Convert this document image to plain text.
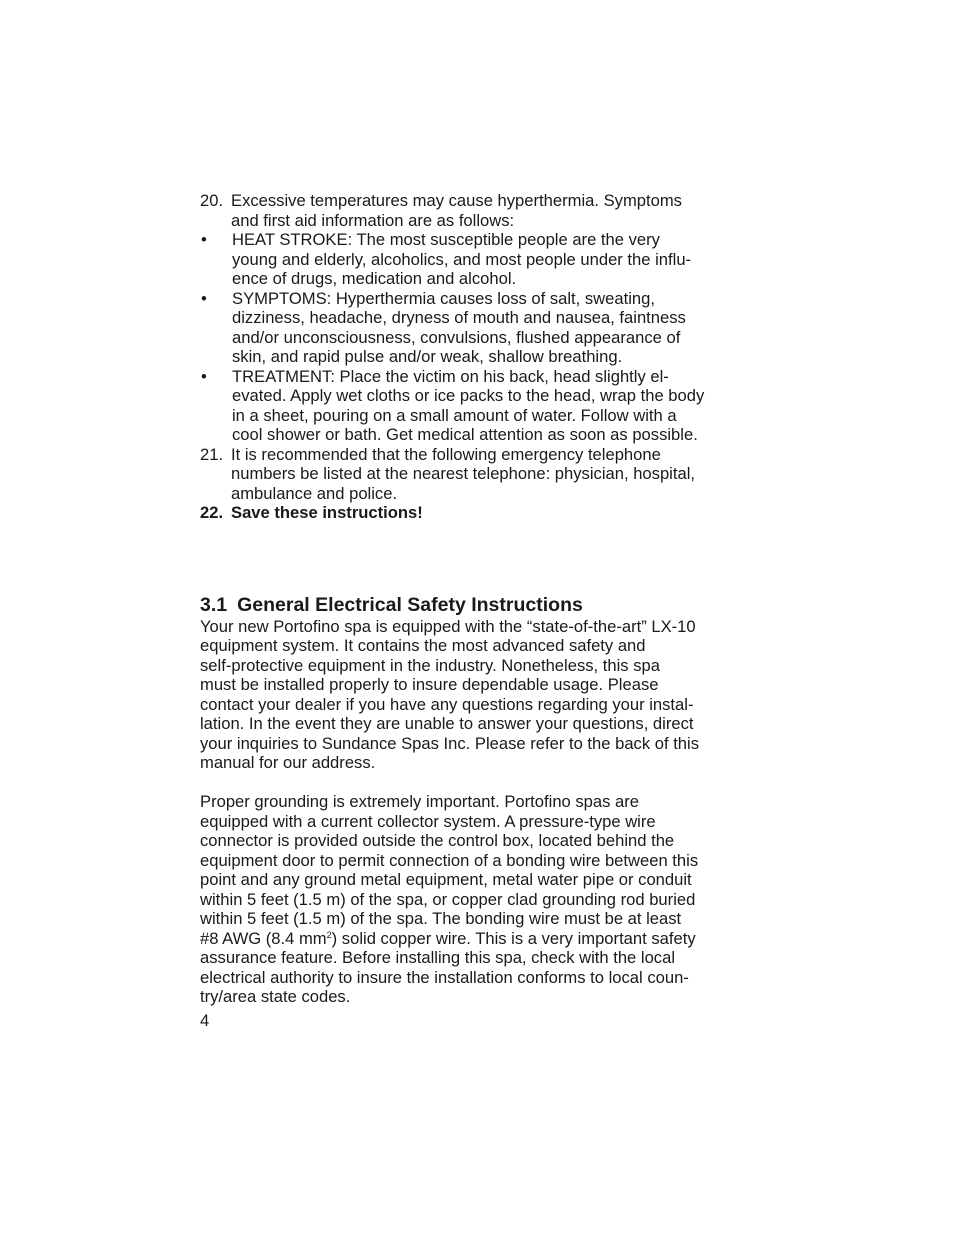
20. Excessive temperatures may cause hyperthermia. Symptoms
and first aid information are as follows:
•	HEAT STROKE: The most susceptible people are the very
young and elderly, alcoholics, and most people under the influ-
ence of drugs, medication and alcohol.
•	SYMPTOMS: Hyperthermia causes loss of salt, sweating,
dizziness, headache, dryness of mouth and nausea, faintness
and/or unconsciousness, convulsions, flushed appearance of
skin, and rapid pulse and/or weak, shallow breathing.
•	TREATMENT: Place the victim on his back, head slightly el-
evated. Apply wet cloths or ice packs to the head, wrap the body
in a sheet, pouring on a small amount of water. Follow with a
cool shower or bath. Get medical attention as soon as possible.
21. It is recommended that the following emergency telephone
numbers be listed at the nearest telephone: physician, hospital,
ambulance and police.
22. Save these instructions!
3.1 General Electrical Safety Instructions
Your new Portofino spa is equipped with the “state-of-the-art” LX-10
equipment system. It contains the most advanced safety and
self-protective equipment in the industry. Nonetheless, this spa
must be installed properly to insure dependable usage. Please
contact your dealer if you have any questions regarding your instal-
lation. In the event they are unable to answer your questions, direct
your inquiries to Sundance Spas Inc. Please refer to the back of this
manual for our address.
Proper grounding is extremely important. Portofino spas are
equipped with a current collector system. A pressure-type wire
connector is provided outside the control box, located behind the
equipment door to permit connection of a bonding wire between this
point and any ground metal equipment, metal water pipe or conduit
within 5 feet (1.5 m) of the spa, or copper clad grounding rod buried
within 5 feet (1.5 m) of the spa. The bonding wire must be at least
#8 AWG (8.4 $mm^2$) solid copper wire. This is a very important safety
assurance feature. Before installing this spa, check with the local
electrical authority to insure the installation conforms to local coun-
try/area state codes.
4
